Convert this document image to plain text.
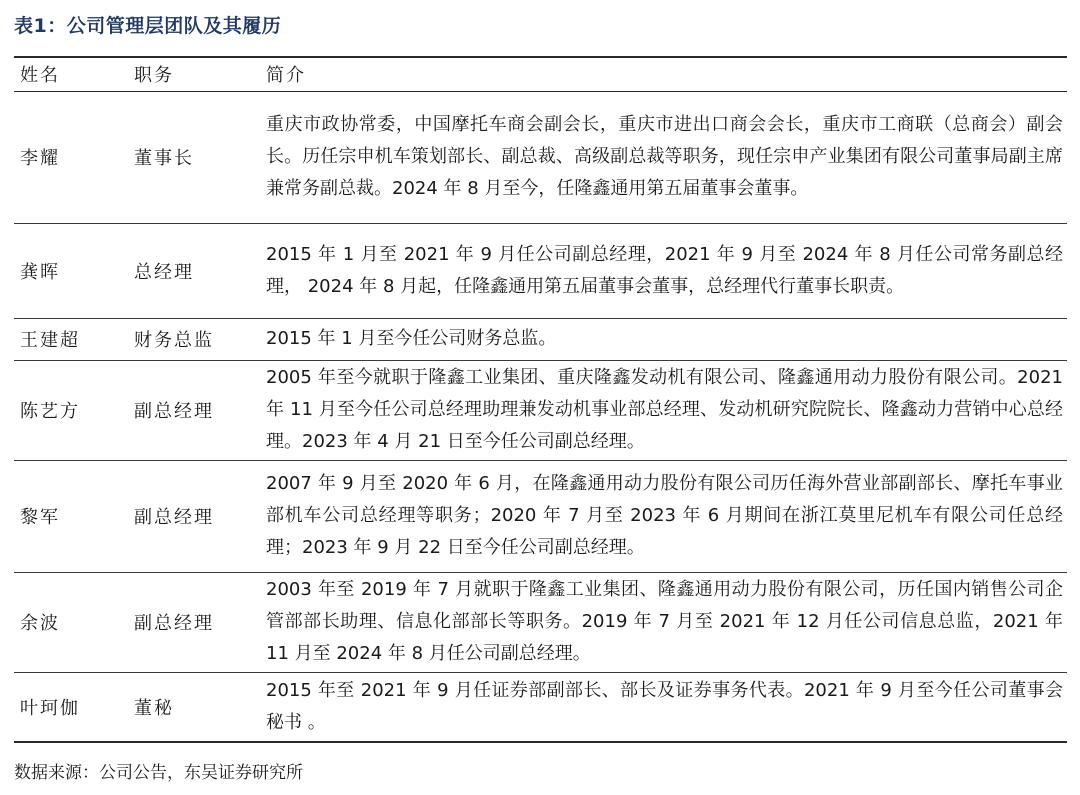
表1：公司管理层团队及其履历
姓名	职务	简介
李耀	董事长	重庆市政协常委，中国摩托车商会副会长，重庆市进出口商会会长，重庆市工商联（总商会）副会长。历任宗申机车策划部长、副总裁、高级副总裁等职务，现任宗申产业集团有限公司董事局副主席兼常务副总裁。2024 年 8 月至今，任隆鑫通用第五届董事会董事。
龚晖	总经理	2015 年 1 月至 2021 年 9 月任公司副总经理，2021 年 9 月至 2024 年 8 月任公司常务副总经理， 2024 年 8 月起，任隆鑫通用第五届董事会董事，总经理代行董事长职责。
王建超	财务总监	2015 年 1 月至今任公司财务总监。
陈艺方	副总经理	2005 年至今就职于隆鑫工业集团、重庆隆鑫发动机有限公司、隆鑫通用动力股份有限公司。2021 年 11 月至今任公司总经理助理兼发动机事业部总经理、发动机研究院院长、隆鑫动力营销中心总经理。2023 年 4 月 21 日至今任公司副总经理。
黎军	副总经理	2007 年 9 月至 2020 年 6 月，在隆鑫通用动力股份有限公司历任海外营业部副部长、摩托车事业部机车公司总经理等职务；2020 年 7 月至 2023 年 6 月期间在浙江莫里尼机车有限公司任总经理；2023 年 9 月 22 日至今任公司副总经理。
余波	副总经理	2003 年至 2019 年 7 月就职于隆鑫工业集团、隆鑫通用动力股份有限公司，历任国内销售公司企管部部长助理、信息化部部长等职务。2019 年 7 月至 2021 年 12 月任公司信息总监，2021 年 11 月至 2024 年 8 月任公司副总经理。
叶珂伽	董秘	2015 年至 2021 年 9 月任证券部副部长、部长及证券事务代表。2021 年 9 月至今任公司董事会秘书 。
数据来源：公司公告，东吴证券研究所
